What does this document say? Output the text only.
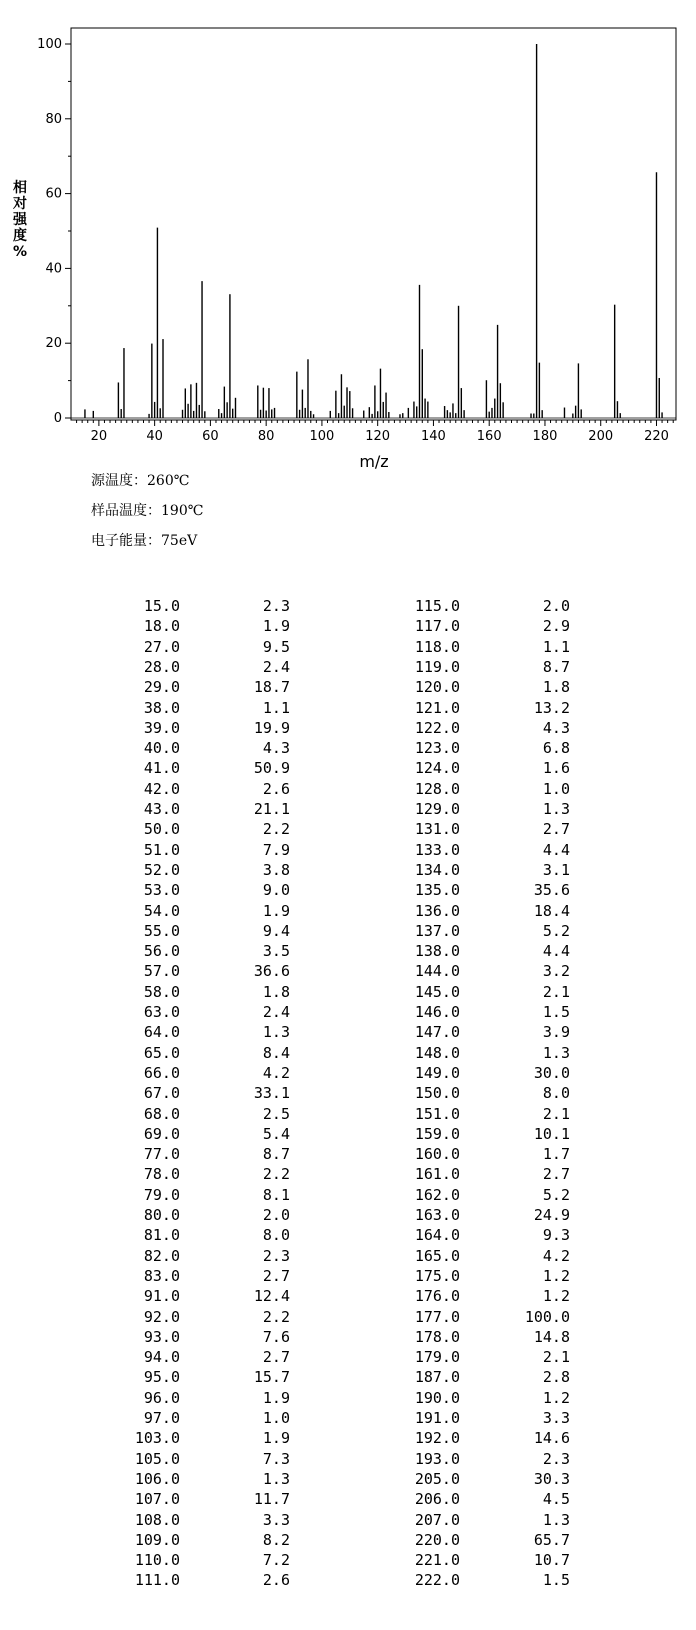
相
对
强
度
%
0
20
40
60
80
100
20	40	60	80	100 120 140 160 180 200 220
m/z
源温度：260℃
样品温度：190℃
电子能量：75eV
15.0	2.3
18.0	1.9
27.0	9.5
28.0	2.4
29.0	18.7
38.0	1.1
39.0	19.9
40.0	4.3
41.0	50.9
42.0	2.6
43.0	21.1
50.0	2.2
51.0	7.9
52.0	3.8
53.0	9.0
54.0	1.9
55.0	9.4
56.0	3.5
57.0	36.6
58.0	1.8
63.0	2.4
64.0	1.3
65.0	8.4
66.0	4.2
67.0	33.1
68.0	2.5
69.0	5.4
77.0	8.7
78.0	2.2
79.0	8.1
80.0	2.0
81.0	8.0
82.0	2.3
83.0	2.7
91.0	12.4
92.0	2.2
93.0	7.6
94.0	2.7
95.0	15.7
96.0	1.9
97.0	1.0
103.0	1.9
105.0	7.3
106.0	1.3
107.0	11.7
108.0	3.3
109.0	8.2
110.0	7.2
111.0	2.6
115.0	2.0
117.0	2.9
118.0	1.1
119.0	8.7
120.0	1.8
121.0	13.2
122.0	4.3
123.0	6.8
124.0	1.6
128.0	1.0
129.0	1.3
131.0	2.7
133.0	4.4
134.0	3.1
135.0	35.6
136.0	18.4
137.0	5.2
138.0	4.4
144.0	3.2
145.0	2.1
146.0	1.5
147.0	3.9
148.0	1.3
149.0	30.0
150.0	8.0
151.0	2.1
159.0	10.1
160.0	1.7
161.0	2.7
162.0	5.2
163.0	24.9
164.0	9.3
165.0	4.2
175.0	1.2
176.0	1.2
177.0	100.0
178.0	14.8
179.0	2.1
187.0	2.8
190.0	1.2
191.0	3.3
192.0	14.6
193.0	2.3
205.0	30.3
206.0	4.5
207.0	1.3
220.0	65.7
221.0	10.7
222.0	1.5
